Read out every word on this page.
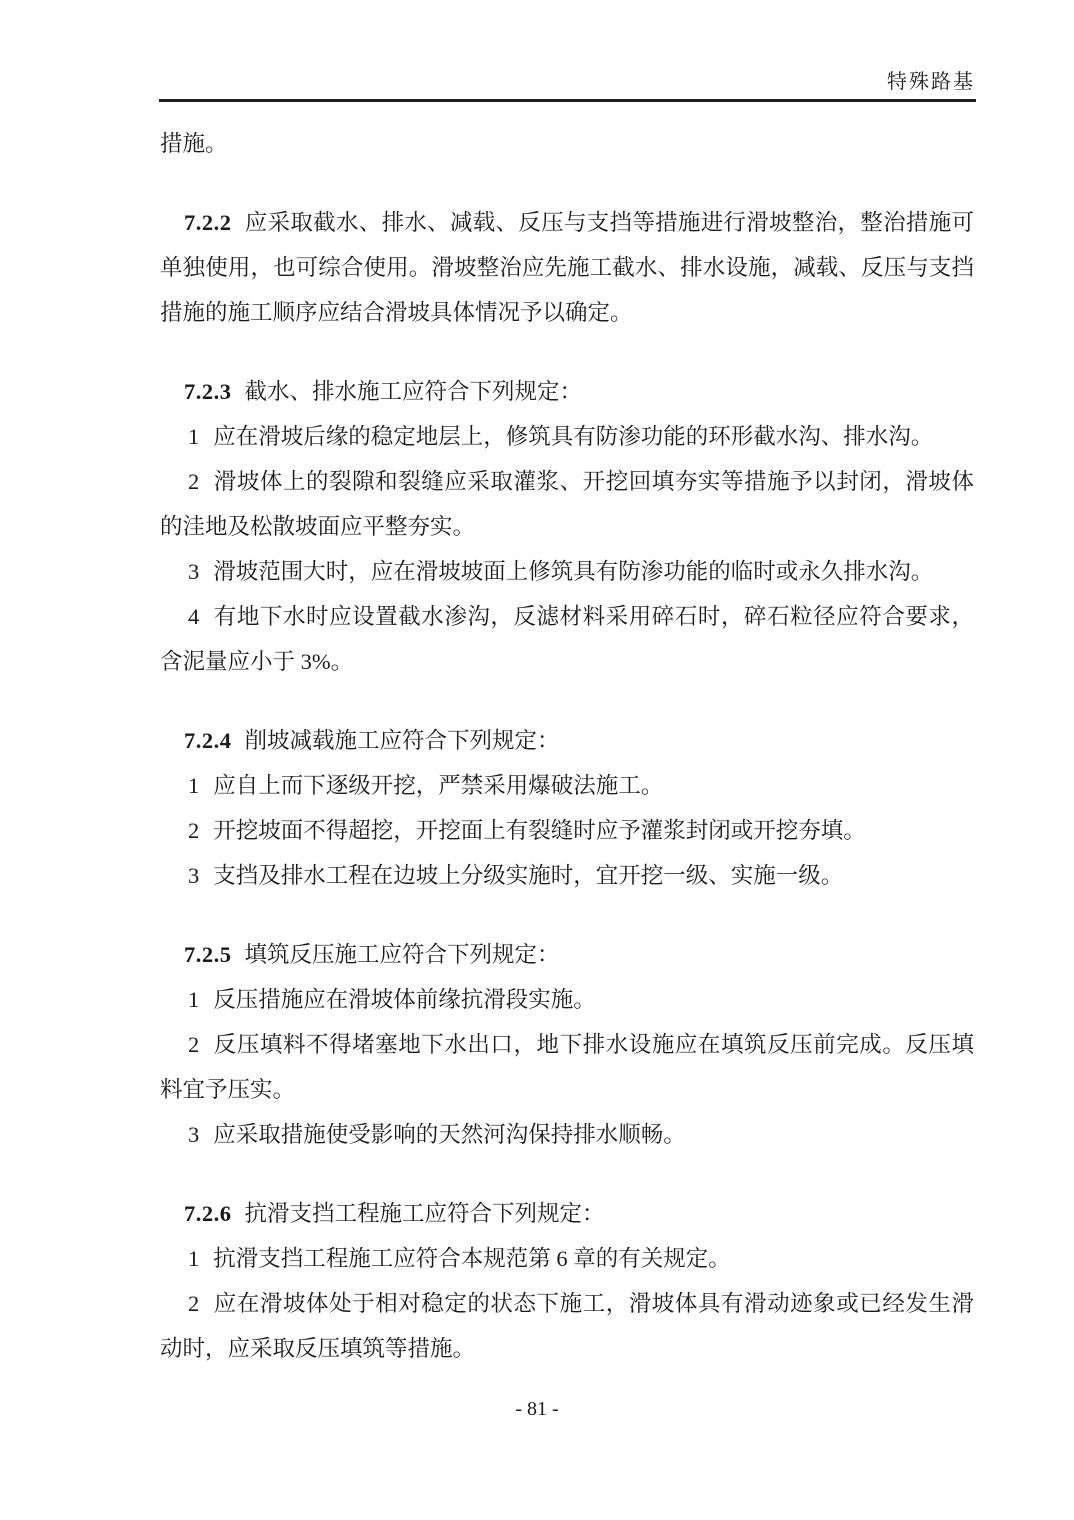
特殊路基

措施。

7.2.2 应采取截水、排水、减载、反压与支挡等措施进行滑坡整治，整治措施可单独使用，也可综合使用。滑坡整治应先施工截水、排水设施，减载、反压与支挡措施的施工顺序应结合滑坡具体情况予以确定。

7.2.3 截水、排水施工应符合下列规定：

1 应在滑坡后缘的稳定地层上，修筑具有防渗功能的环形截水沟、排水沟。

2 滑坡体上的裂隙和裂缝应采取灌浆、开挖回填夯实等措施予以封闭，滑坡体的洼地及松散坡面应平整夯实。

3 滑坡范围大时，应在滑坡坡面上修筑具有防渗功能的临时或永久排水沟。

4 有地下水时应设置截水渗沟，反滤材料采用碎石时，碎石粒径应符合要求，含泥量应小于 3%。

7.2.4 削坡减载施工应符合下列规定：

1 应自上而下逐级开挖，严禁采用爆破法施工。

2 开挖坡面不得超挖，开挖面上有裂缝时应予灌浆封闭或开挖夯填。

3 支挡及排水工程在边坡上分级实施时，宜开挖一级、实施一级。

7.2.5 填筑反压施工应符合下列规定：

1 反压措施应在滑坡体前缘抗滑段实施。

2 反压填料不得堵塞地下水出口，地下排水设施应在填筑反压前完成。反压填料宜予压实。

3 应采取措施使受影响的天然河沟保持排水顺畅。

7.2.6 抗滑支挡工程施工应符合下列规定：

1 抗滑支挡工程施工应符合本规范第 6 章的有关规定。

2 应在滑坡体处于相对稳定的状态下施工，滑坡体具有滑动迹象或已经发生滑动时，应采取反压填筑等措施。

- 81 -
